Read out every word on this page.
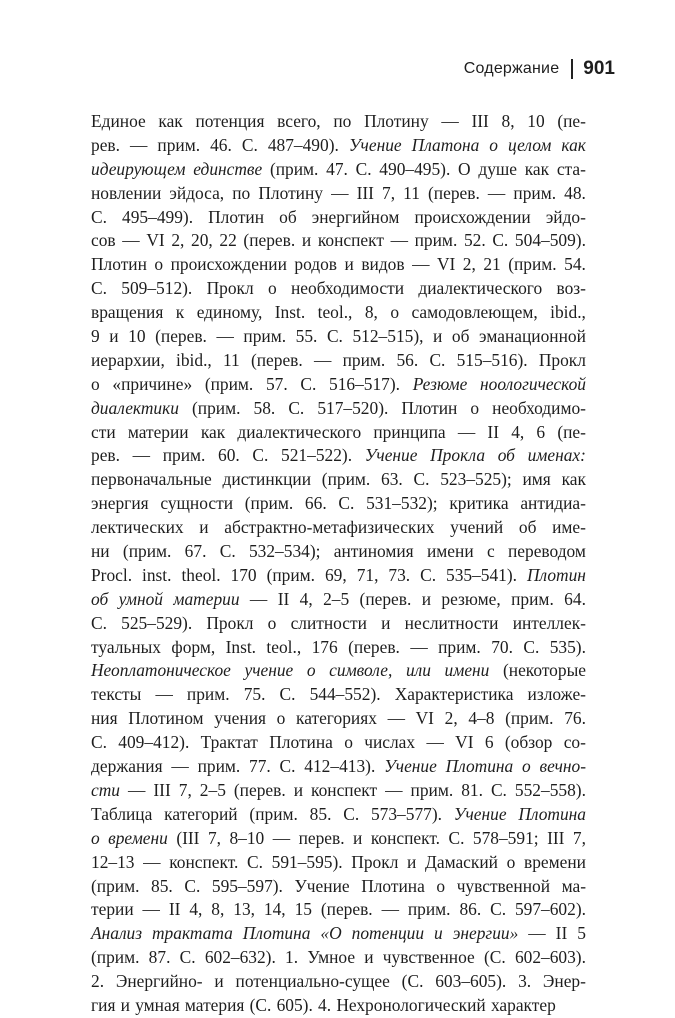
Содержание 901
Единое как потенция всего, по Плотину — III 8, 10 (пе-
рев. — прим. 46. С. 487–490). Учение Платона о целом как
идеирующем единстве (прим. 47. С. 490–495). О душе как ста-
новлении эйдоса, по Плотину — III 7, 11 (перев. — прим. 48.
С. 495–499). Плотин об энергийном происхождении эйдо-
сов — VI 2, 20, 22 (перев. и конспект — прим. 52. С. 504–509).
Плотин о происхождении родов и видов — VI 2, 21 (прим. 54.
С. 509–512). Прокл о необходимости диалектического воз-
вращения к единому, Inst. teol., 8, о самодовлеющем, ibid.,
9 и 10 (перев. — прим. 55. С. 512–515), и об эманационной
иерархии, ibid., 11 (перев. — прим. 56. С. 515–516). Прокл
о «причине» (прим. 57. С. 516–517). Резюме ноологической
диалектики (прим. 58. С. 517–520). Плотин о необходимо-
сти материи как диалектического принципа — II 4, 6 (пе-
рев. — прим. 60. С. 521–522). Учение Прокла об именах:
первоначальные дистинкции (прим. 63. С. 523–525); имя как
энергия сущности (прим. 66. С. 531–532); критика антидиа-
лектических и абстрактно-метафизических учений об име-
ни (прим. 67. С. 532–534); антиномия имени с переводом
Procl. inst. theol. 170 (прим. 69, 71, 73. С. 535–541). Плотин
об умной материи — II 4, 2–5 (перев. и резюме, прим. 64.
С. 525–529). Прокл о слитности и неслитности интеллек-
туальных форм, Inst. teol., 176 (перев. — прим. 70. С. 535).
Неоплатоническое учение о символе, или имени (некоторые
тексты — прим. 75. С. 544–552). Характеристика изложе-
ния Плотином учения о категориях — VI 2, 4–8 (прим. 76.
С. 409–412). Трактат Плотина о числах — VI 6 (обзор со-
держания — прим. 77. С. 412–413). Учение Плотина о вечно-
сти — III 7, 2–5 (перев. и конспект — прим. 81. С. 552–558).
Таблица категорий (прим. 85. С. 573–577). Учение Плотина
о времени (III 7, 8–10 — перев. и конспект. С. 578–591; III 7,
12–13 — конспект. С. 591–595). Прокл и Дамаский о времени
(прим. 85. С. 595–597). Учение Плотина о чувственной ма-
терии — II 4, 8, 13, 14, 15 (перев. — прим. 86. С. 597–602).
Анализ трактата Плотина «О потенции и энергии» — II 5
(прим. 87. С. 602–632). 1. Умное и чувственное (С. 602–603).
2. Энергийно- и потенциально-сущее (С. 603–605). 3. Энер-
гия и умная материя (С. 605). 4. Нехронологический характер
